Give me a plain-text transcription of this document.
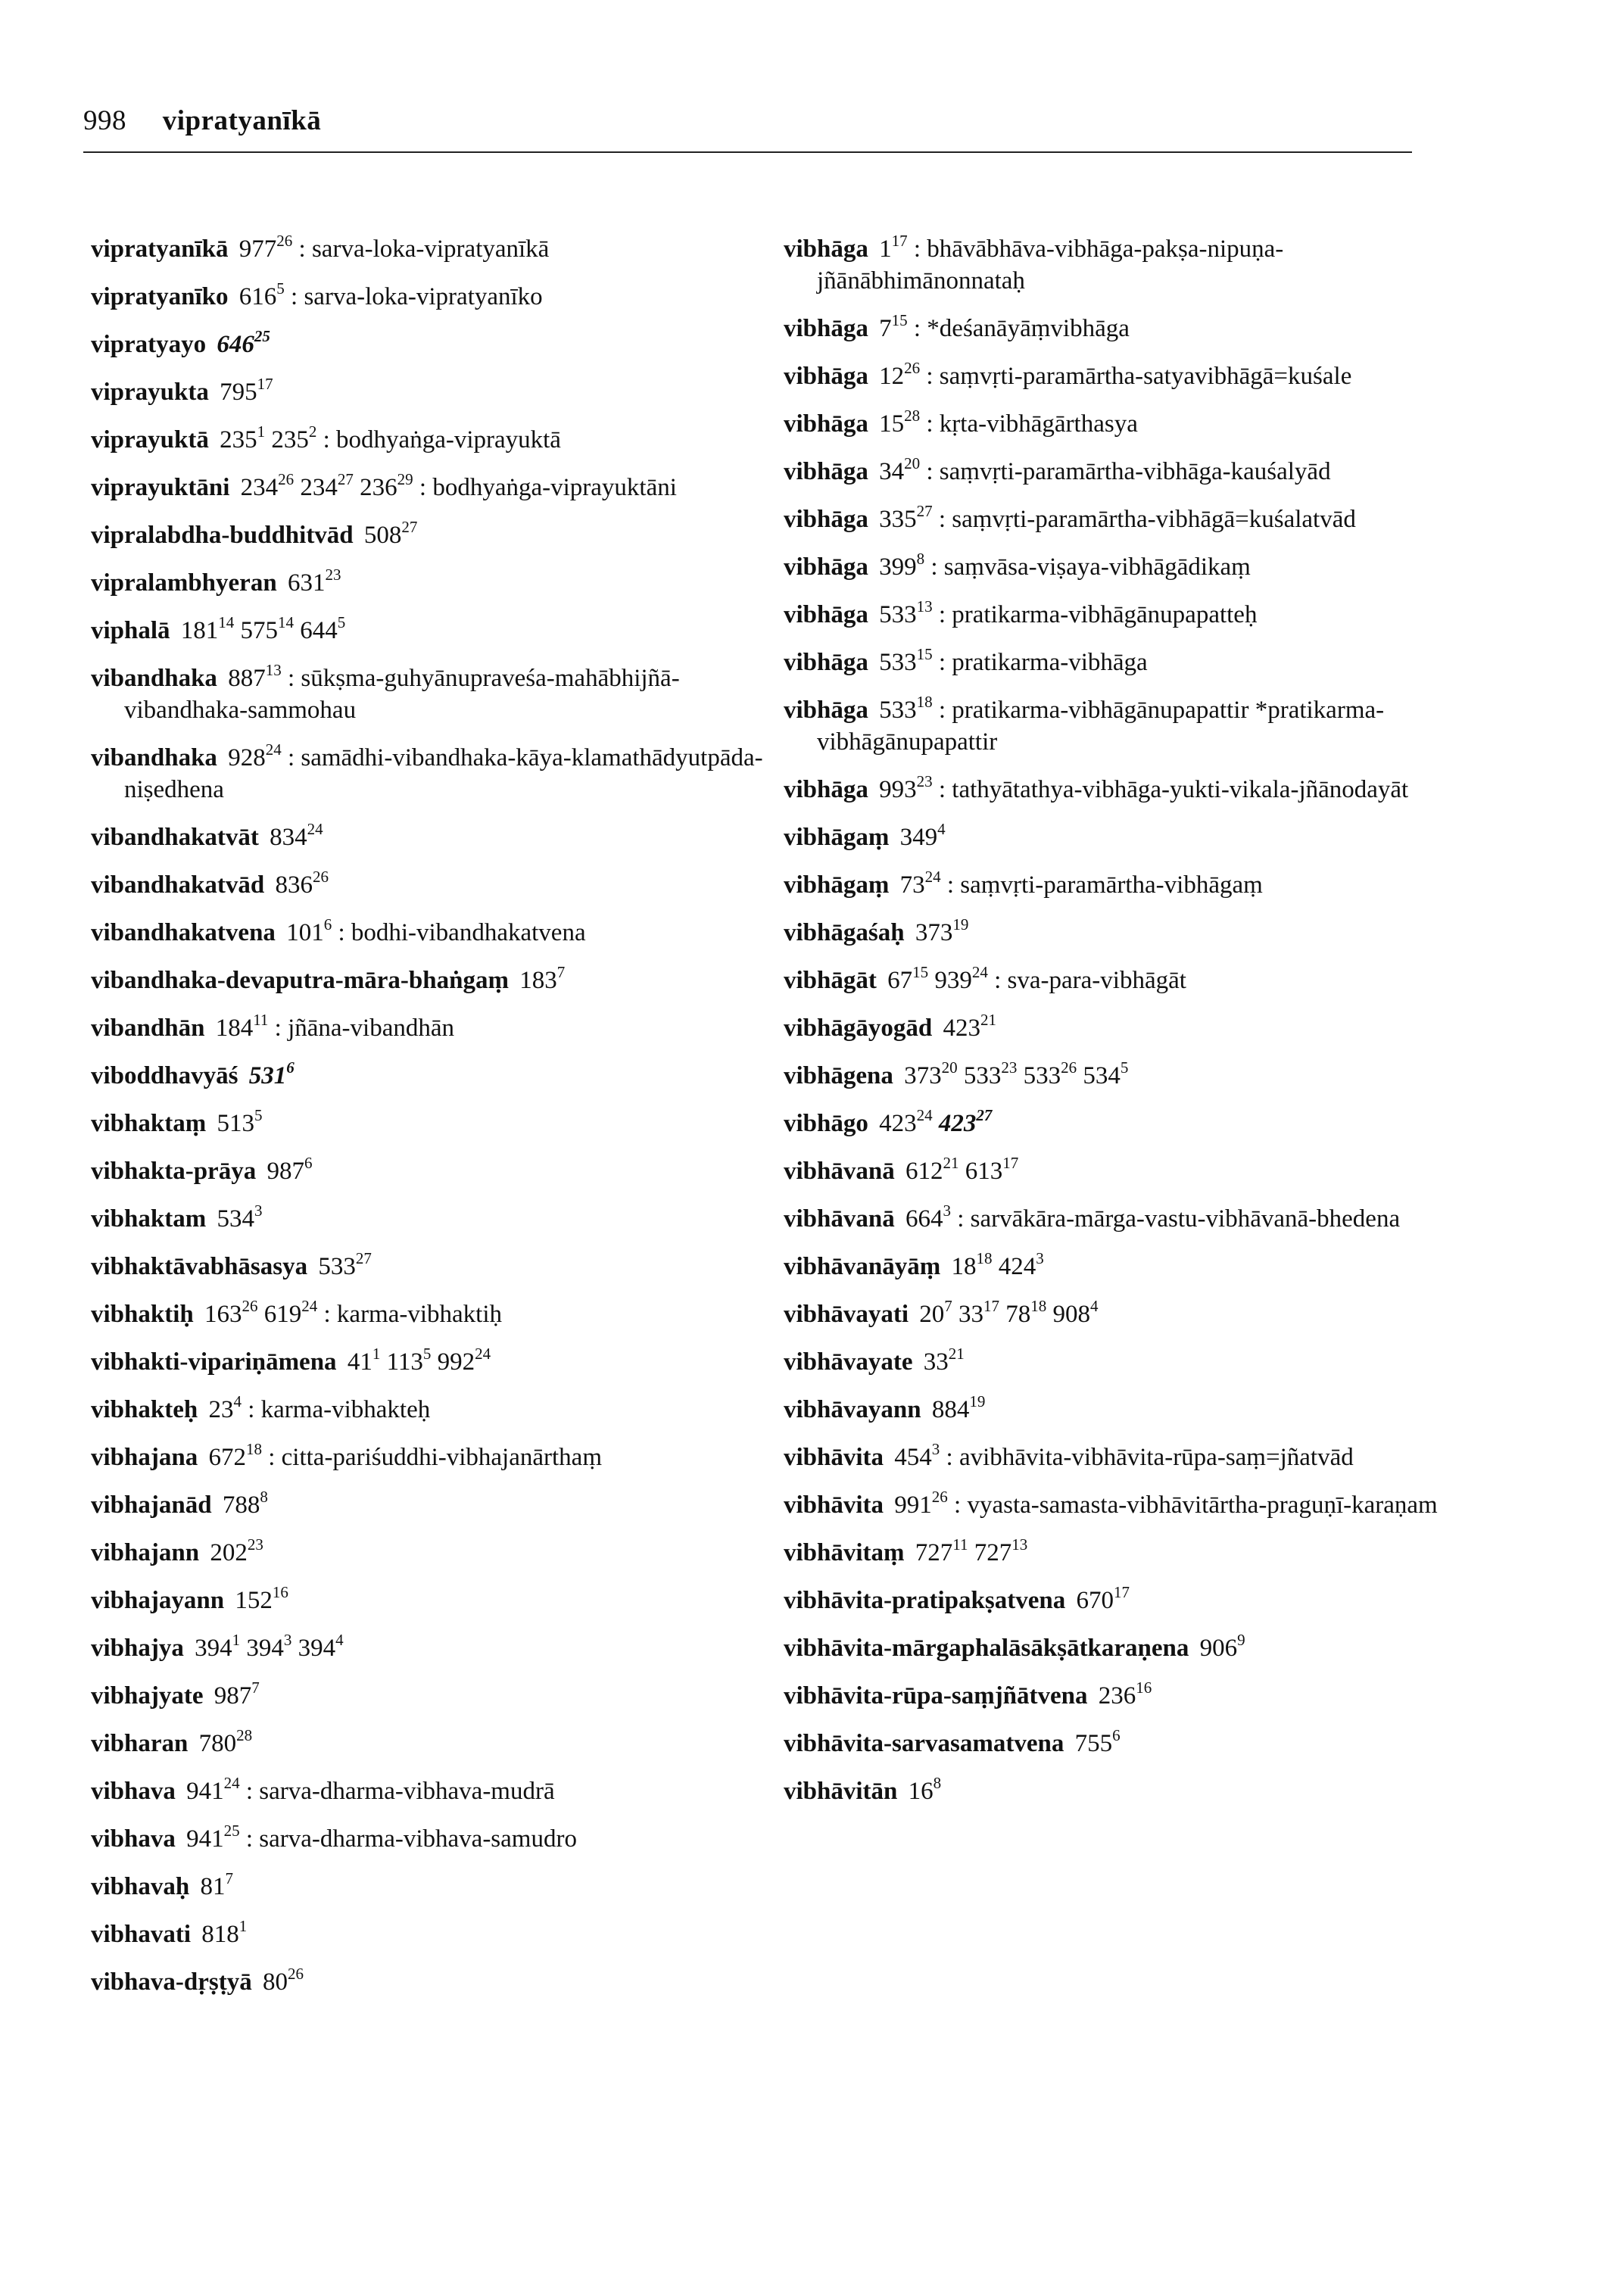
998 vipratyanīkā
vipratyanīkā $977^{26}$ : sarva-loka-vipratyanīkā
vipratyanīko $616^5$ : sarva-loka-vipratyanīko
vipratyayo $646^{25}$
viprayukta $795^{17}$
viprayuktā $235^1$ $235^2$ : bodhyaṅga-viprayuktā
viprayuktāni $234^{26}$ $234^{27}$ $236^{29}$ : bodhyaṅga-viprayuktāni
vipralabdha-buddhitvād $508^{27}$
vipralambhyeran $631^{23}$
viphalā $181^{14}$ $575^{14}$ $644^5$
vibandhaka $887^{13}$ : sūkṣma-guhyānupraveśa-mahābhijñā-vibandhaka-sammohau
vibandhaka $928^{24}$ : samādhi-vibandhaka-kāya-klamathādyutpāda-niṣedhena
vibandhakatvāt $834^{24}$
vibandhakatvād $836^{26}$
vibandhakatvena $101^6$ : bodhi-vibandhakatvena
vibandhaka-devaputra-māra-bhaṅgaṃ $183^7$
vibandhān $184^{11}$ : jñāna-vibandhān
viboddhavyāś $531^6$
vibhaktaṃ $513^5$
vibhakta-prāya $987^6$
vibhaktam $534^3$
vibhaktāvabhāsasya $533^{27}$
vibhaktiḥ $163^{26}$ $619^{24}$ : karma-vibhaktiḥ
vibhakti-vipariṇāmena $41^1$ $113^5$ $992^{24}$
vibhakteḥ $23^4$ : karma-vibhakteḥ
vibhajana $672^{18}$ : citta-pariśuddhi-vibhajanārthaṃ
vibhajanād $788^8$
vibhajann $202^{23}$
vibhajayann $152^{16}$
vibhajya $394^1$ $394^3$ $394^4$
vibhajyate $987^7$
vibharan $780^{28}$
vibhava $941^{24}$ : sarva-dharma-vibhava-mudrā
vibhava $941^{25}$ : sarva-dharma-vibhava-samudro
vibhavaḥ $81^7$
vibhavati $818^1$
vibhava-dṛṣṭyā $80^{26}$
vibhāga $1^{17}$ : bhāvābhāva-vibhāga-pakṣa-nipuṇa-jñānābhimānonnataḥ
vibhāga $7^{15}$ : *deśanāyāṃvibhāga
vibhāga $12^{26}$ : saṃvṛti-paramārtha-satyavibhāgā=kuśale
vibhāga $15^{28}$ : kṛta-vibhāgārthasya
vibhāga $34^{20}$ : saṃvṛti-paramārtha-vibhāga-kauśalyād
vibhāga $335^{27}$ : saṃvṛti-paramārtha-vibhāgā=kuśalatvād
vibhāga $399^8$ : saṃvāsa-viṣaya-vibhāgādikaṃ
vibhāga $533^{13}$ : pratikarma-vibhāgānupapatteḥ
vibhāga $533^{15}$ : pratikarma-vibhāga
vibhāga $533^{18}$ : pratikarma-vibhāgānupapattir *pratikarma-vibhāgānupapattir
vibhāga $993^{23}$ : tathyātathya-vibhāga-yukti-vikala-jñānodayāt
vibhāgaṃ $349^4$
vibhāgaṃ $73^{24}$ : saṃvṛti-paramārtha-vibhāgaṃ
vibhāgaśaḥ $373^{19}$
vibhāgāt $67^{15}$ $939^{24}$ : sva-para-vibhāgāt
vibhāgāyogād $423^{21}$
vibhāgena $373^{20}$ $533^{23}$ $533^{26}$ $534^5$
vibhāgo $423^{24}$ $423^{27}$
vibhāvanā $612^{21}$ $613^{17}$
vibhāvanā $664^3$ : sarvākāra-mārga-vastu-vibhāvanā-bhedena
vibhāvanāyāṃ $18^{18}$ $424^3$
vibhāvayati $20^7$ $33^{17}$ $78^{18}$ $908^4$
vibhāvayate $33^{21}$
vibhāvayann $884^{19}$
vibhāvita $454^3$ : avibhāvita-vibhāvita-rūpa-saṃ=jñatvād
vibhāvita $991^{26}$ : vyasta-samasta-vibhāvitārtha-praguṇī-karaṇam
vibhāvitaṃ $727^{11}$ $727^{13}$
vibhāvita-pratipakṣatvena $670^{17}$
vibhāvita-mārgaphalāsākṣātkaraṇena $906^9$
vibhāvita-rūpa-saṃjñātvena $236^{16}$
vibhāvita-sarvasamatvena $755^6$
vibhāvitān $16^8$
